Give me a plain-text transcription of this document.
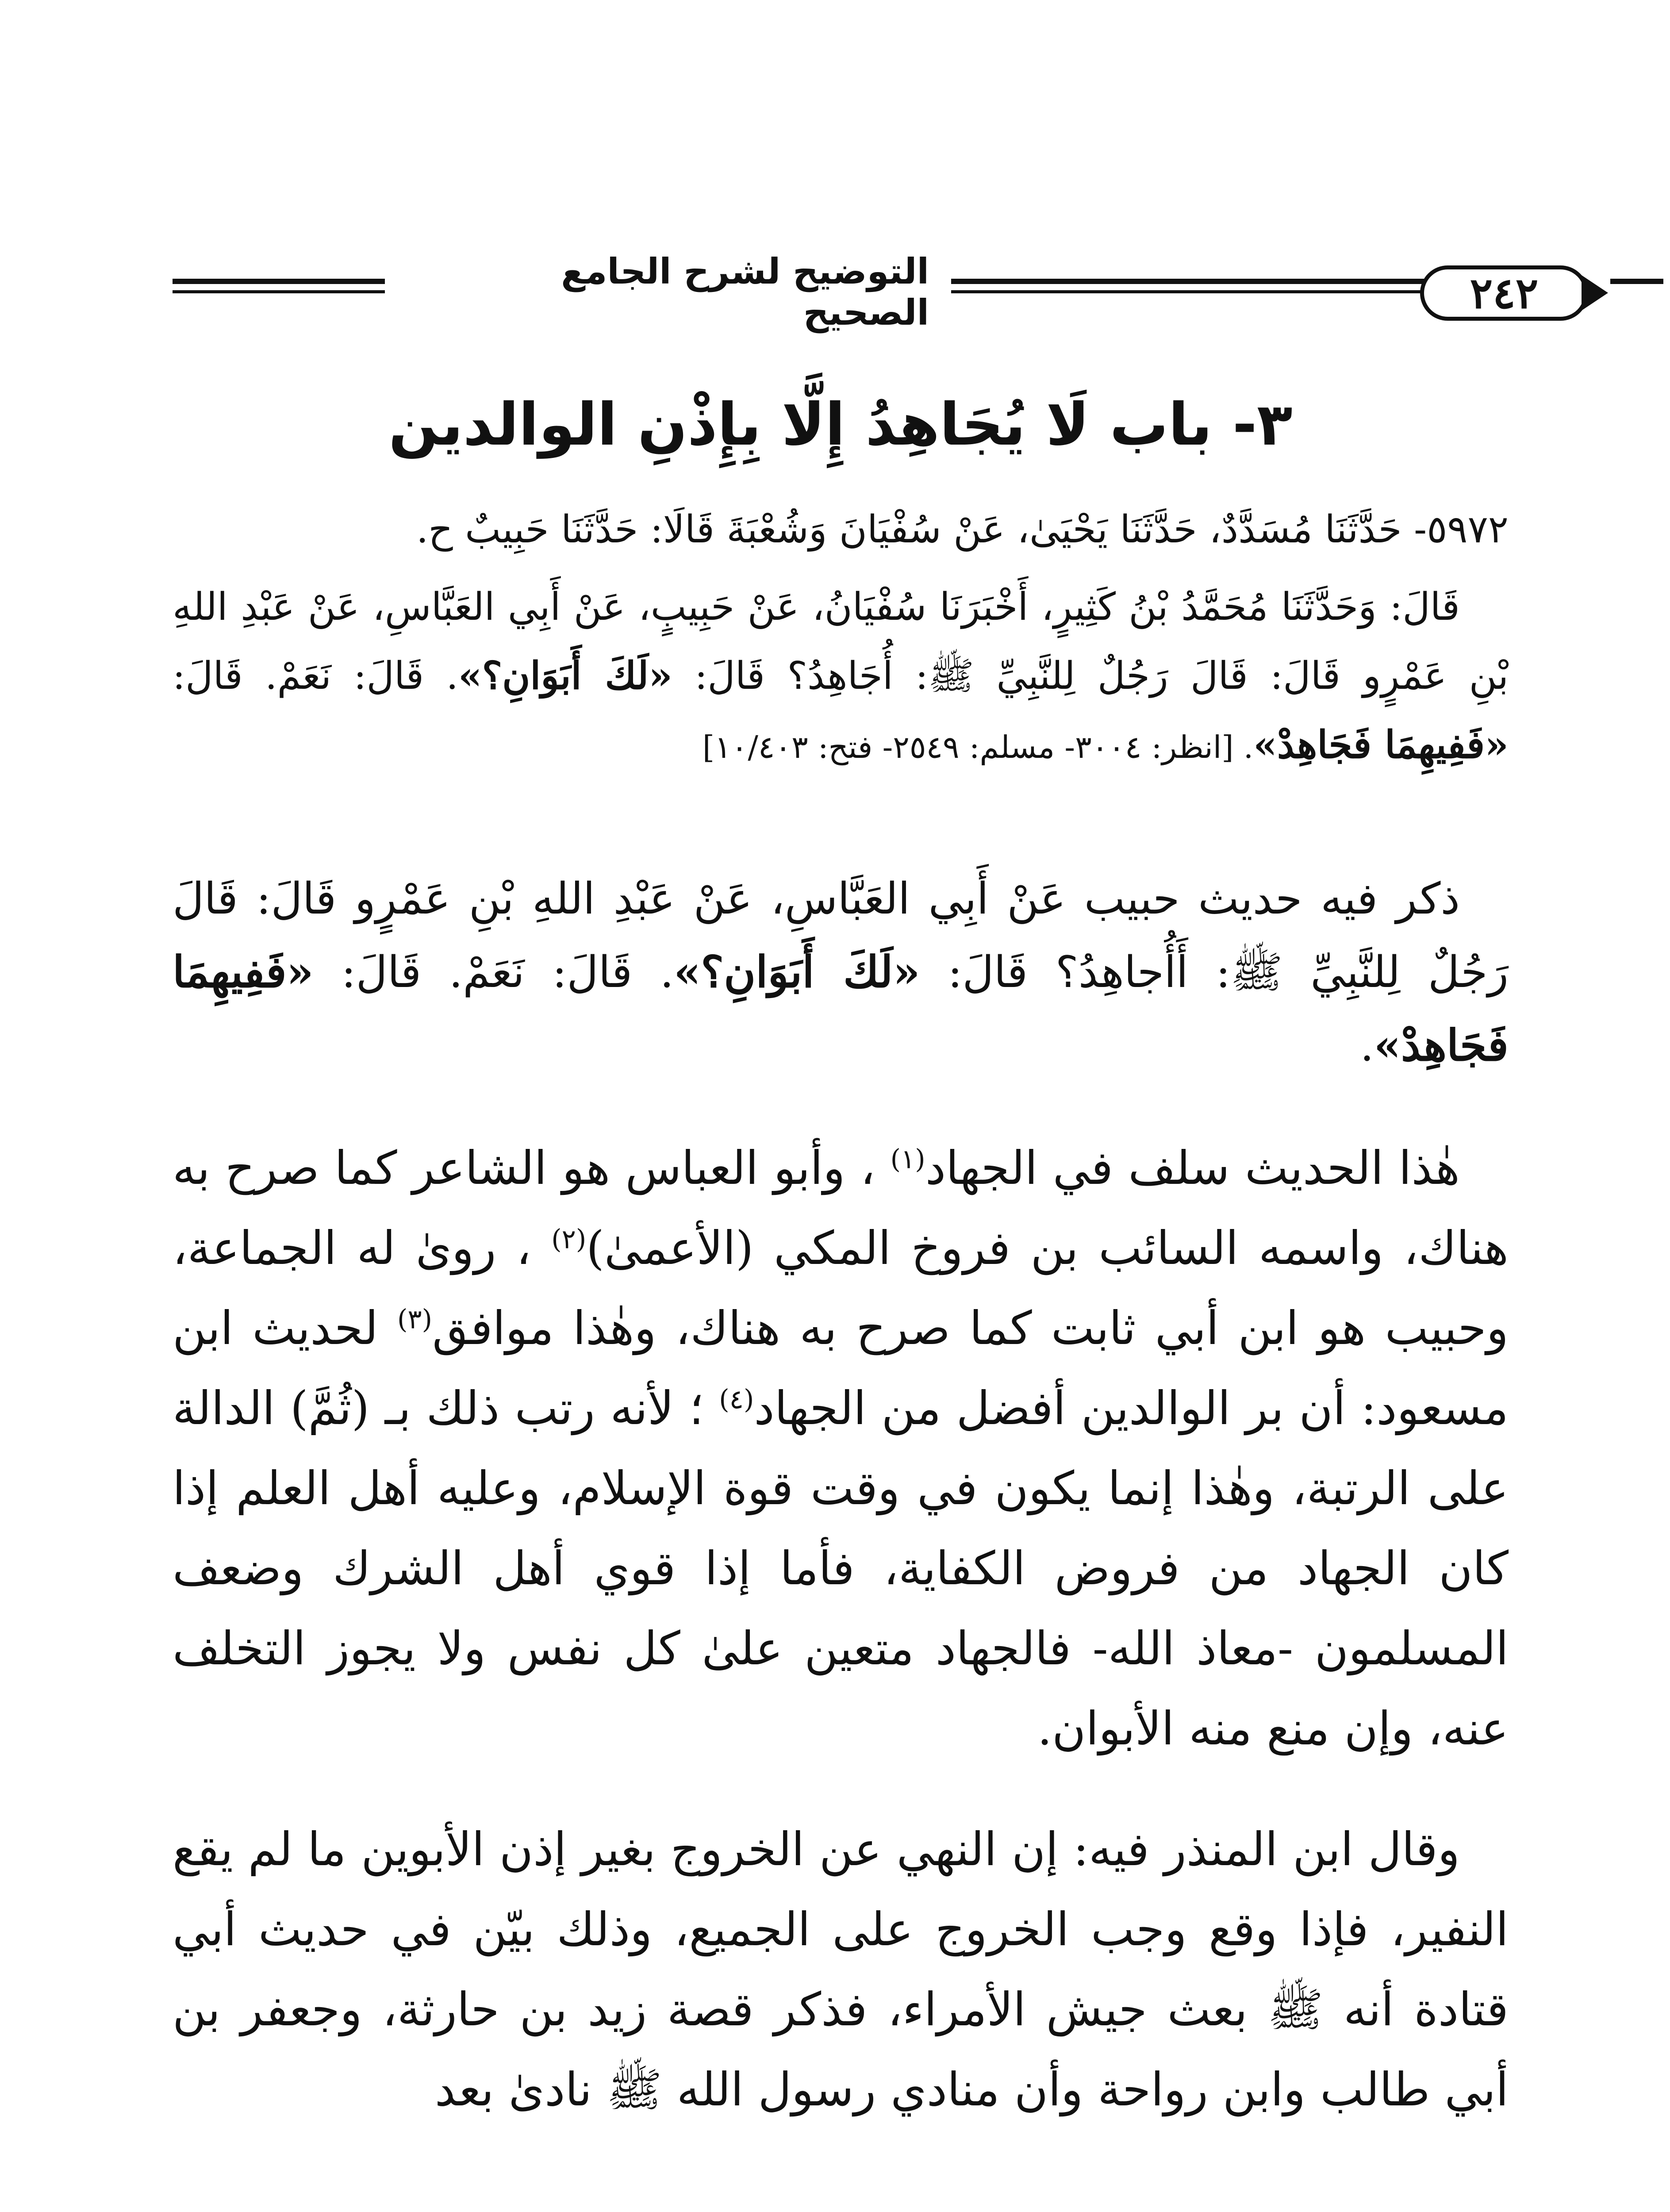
التوضيح لشرح الجامع الصحيح	٢٤٢
٣- باب لَا يُجَاهِدُ إِلَّا بِإِذْنِ الوالدين

٥٩٧٢- حَدَّثَنَا مُسَدَّدٌ، حَدَّثَنَا يَحْيَىٰ، عَنْ سُفْيَانَ وَشُعْبَةَ قَالَا: حَدَّثَنَا حَبِيبٌ ح.

قَالَ: وَحَدَّثَنَا مُحَمَّدُ بْنُ كَثِيرٍ، أَخْبَرَنَا سُفْيَانُ، عَنْ حَبِيبٍ، عَنْ أَبِي العَبَّاسِ، عَنْ عَبْدِ اللهِ بْنِ عَمْرٍو قَالَ: قَالَ رَجُلٌ لِلنَّبِيِّ ﷺ: أُجَاهِدُ؟ قَالَ: «لَكَ أَبَوَانِ؟». قَالَ: نَعَمْ. قَالَ: «فَفِيهِمَا فَجَاهِدْ». [انظر: ٣٠٠٤- مسلم: ٢٥٤٩- فتح: ١٠/٤٠٣]

ذكر فيه حديث حبيب عَنْ أَبِي العَبَّاسِ، عَنْ عَبْدِ اللهِ بْنِ عَمْرٍو قَالَ: قَالَ رَجُلٌ لِلنَّبِيِّ ﷺ: أَأُجاهِدُ؟ قَالَ: «لَكَ أَبَوَانِ؟». قَالَ: نَعَمْ. قَالَ: «فَفِيهِمَا فَجَاهِدْ».

هٰذا الحديث سلف في الجهاد$^{(١)}$ ، وأبو العباس هو الشاعر كما صرح به هناك، واسمه السائب بن فروخ المكي (الأعمىٰ)$^{(٢)}$ ، روىٰ له الجماعة، وحبيب هو ابن أبي ثابت كما صرح به هناك، وهٰذا موافق$^{(٣)}$ لحديث ابن مسعود: أن بر الوالدين أفضل من الجهاد$^{(٤)}$ ؛ لأنه رتب ذلك بـ (ثُمَّ) الدالة على الرتبة، وهٰذا إنما يكون في وقت قوة الإسلام، وعليه أهل العلم إذا كان الجهاد من فروض الكفاية، فأما إذا قوي أهل الشرك وضعف المسلمون -معاذ الله- فالجهاد متعين علىٰ كل نفس ولا يجوز التخلف عنه، وإن منع منه الأبوان.

وقال ابن المنذر فيه: إن النهي عن الخروج بغير إذن الأبوين ما لم يقع النفير، فإذا وقع وجب الخروج على الجميع، وذلك بيّن في حديث أبي قتادة أنه ﷺ بعث جيش الأمراء، فذكر قصة زيد بن حارثة، وجعفر بن أبي طالب وابن رواحة وأن منادي رسول الله ﷺ نادىٰ بعد
